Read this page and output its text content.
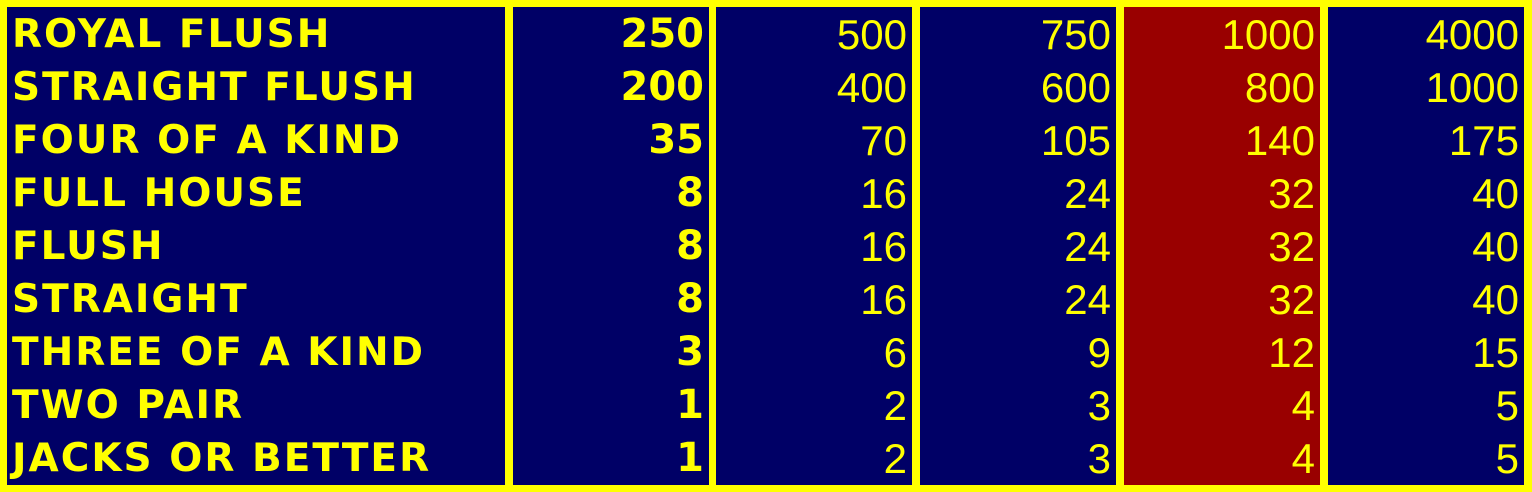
ROYAL FLUSH
STRAIGHT FLUSH
FOUR OF A KIND
FULL HOUSE
FLUSH
STRAIGHT
THREE OF A KIND
TWO PAIR
JACKS OR BETTER
250
200
35
8
8
8
3
1
1
500
400
70
16
16
16
6
2
2
750
600
105
24
24
24
9
3
3
1000
800
140
32
32
32
12
4
4
4000
1000
175
40
40
40
15
5
5
